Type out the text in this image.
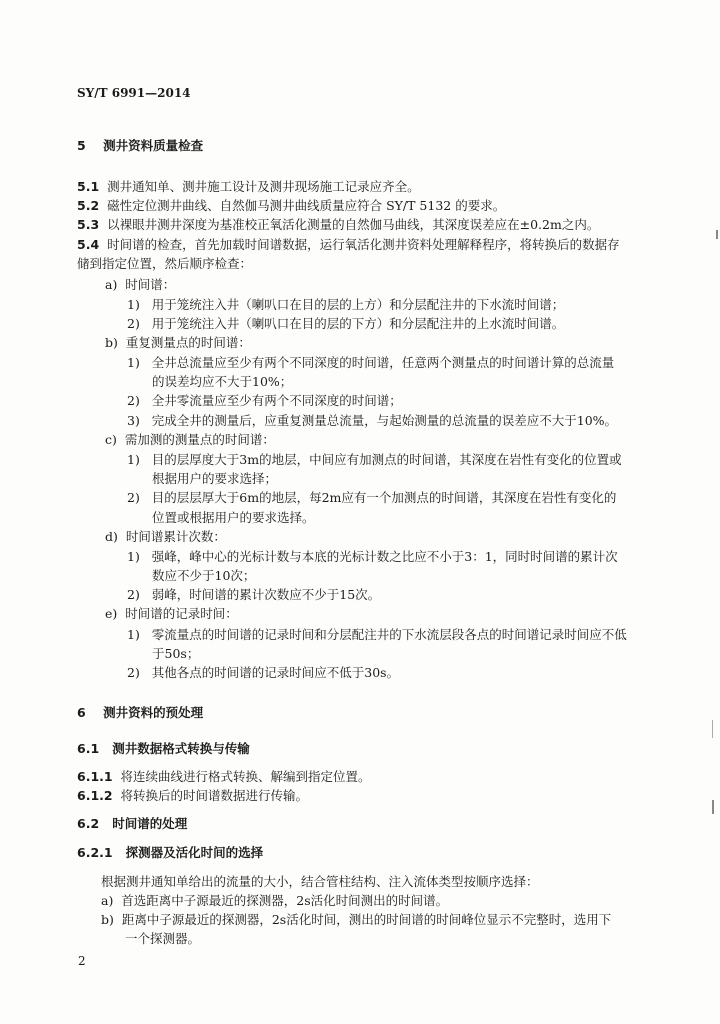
SY/T 6991—2014
5 测井资料质量检查
5.1 测井通知单、测井施工设计及测井现场施工记录应齐全。
5.2 磁性定位测井曲线、自然伽马测井曲线质量应符合 SY/T 5132 的要求。
5.3 以裸眼井测井深度为基准校正氧活化测量的自然伽马曲线，其深度误差应在±0.2m之内。
5.4 时间谱的检查，首先加载时间谱数据，运行氧活化测井资料处理解释程序，将转换后的数据存
储到指定位置，然后顺序检查：
a) 时间谱：
1) 用于笼统注入井（喇叭口在目的层的上方）和分层配注井的下水流时间谱；
2) 用于笼统注入井（喇叭口在目的层的下方）和分层配注井的上水流时间谱。
b) 重复测量点的时间谱：
1) 全井总流量应至少有两个不同深度的时间谱，任意两个测量点的时间谱计算的总流量
的误差均应不大于10%；
2) 全井零流量应至少有两个不同深度的时间谱；
3) 完成全井的测量后，应重复测量总流量，与起始测量的总流量的误差应不大于10%。
c) 需加测的测量点的时间谱：
1) 目的层厚度大于3m的地层，中间应有加测点的时间谱，其深度在岩性有变化的位置或
根据用户的要求选择；
2) 目的层层厚大于6m的地层，每2m应有一个加测点的时间谱，其深度在岩性有变化的
位置或根据用户的要求选择。
d) 时间谱累计次数：
1) 强峰，峰中心的光标计数与本底的光标计数之比应不小于3：1，同时时间谱的累计次
数应不少于10次；
2) 弱峰，时间谱的累计次数应不少于15次。
e) 时间谱的记录时间：
1) 零流量点的时间谱的记录时间和分层配注井的下水流层段各点的时间谱记录时间应不低
于50s；
2) 其他各点的时间谱的记录时间应不低于30s。
6 测井资料的预处理
6.1 测井数据格式转换与传输
6.1.1 将连续曲线进行格式转换、解编到指定位置。
6.1.2 将转换后的时间谱数据进行传输。
6.2 时间谱的处理
6.2.1 探测器及活化时间的选择
根据测井通知单给出的流量的大小，结合管柱结构、注入流体类型按顺序选择：
a) 首选距离中子源最近的探测器，2s活化时间测出的时间谱。
b) 距离中子源最近的探测器，2s活化时间，测出的时间谱的时间峰位显示不完整时，选用下
一个探测器。
2
